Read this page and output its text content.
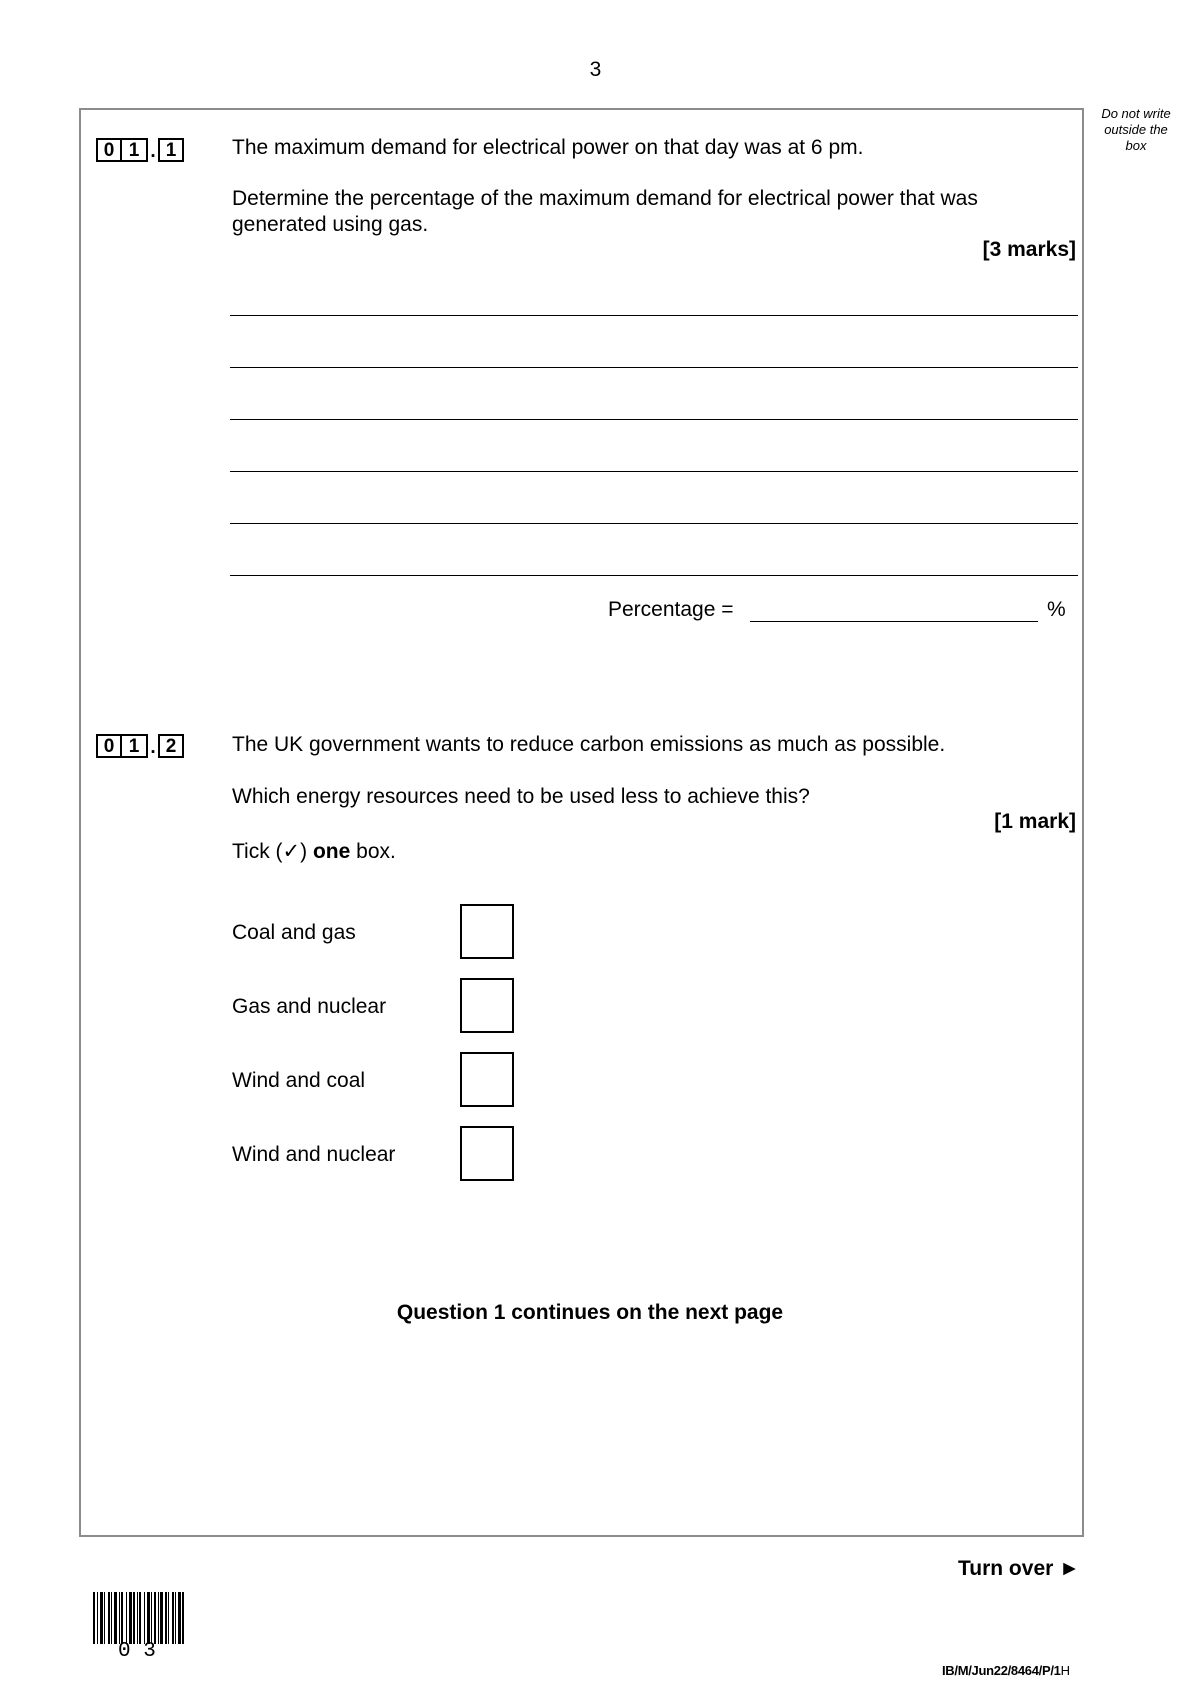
3
Do not write outside the box
0 1 . 1	The maximum demand for electrical power on that day was at 6 pm.
Determine the percentage of the maximum demand for electrical power that was generated using gas.
[3 marks]
Percentage =	%
0 1 . 2	The UK government wants to reduce carbon emissions as much as possible.
Which energy resources need to be used less to achieve this?
[1 mark]
Tick (✓) one box.
Coal and gas
Gas and nuclear
Wind and coal
Wind and nuclear
Question 1 continues on the next page
Turn over ►
0 3
IB/M/Jun22/8464/P/1H
